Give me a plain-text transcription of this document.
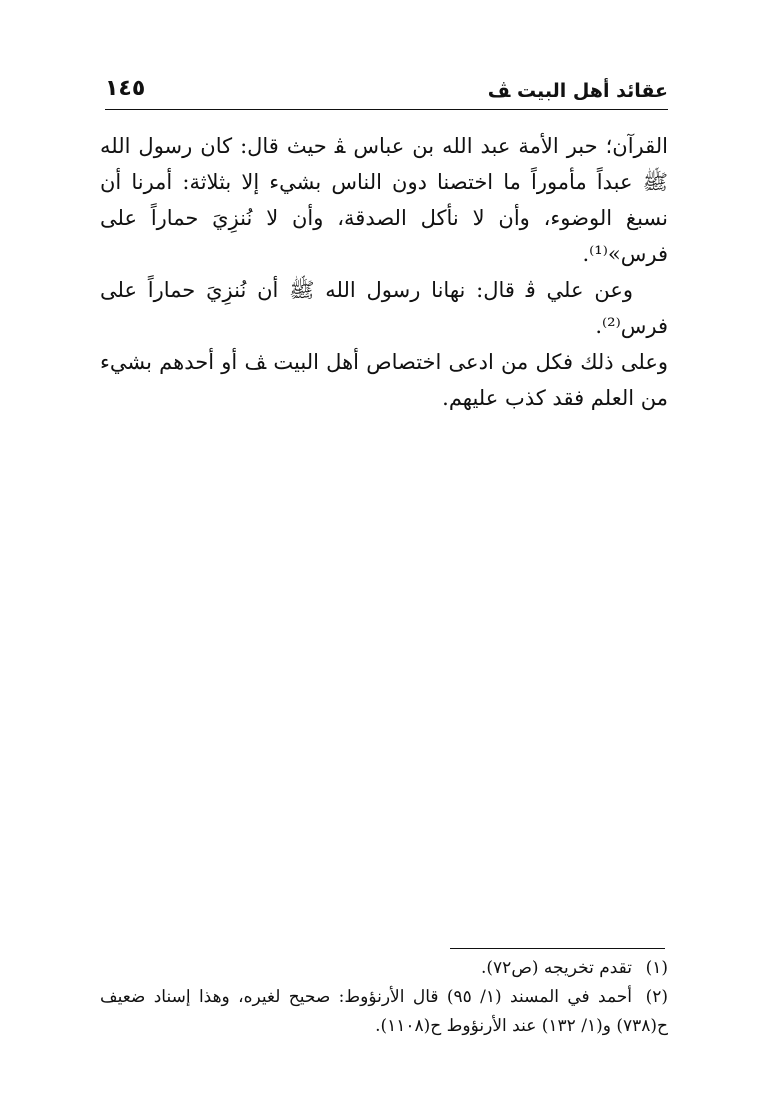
عقائد أهل البيت ﭫ
١٤٥

القرآن؛ حبر الأمة عبد الله بن عباس ﭭ حيث قال: كان رسول الله ﷺ عبداً مأموراً ما اختصنا دون الناس بشيء إلا بثلاثة: أمرنا أن نسبغ الوضوء، وأن لا نأكل الصدقة، وأن لا نُنزِيَ حماراً على فرس»⁽¹⁾.

وعن علي ﭬ قال: نهانا رسول الله ﷺ أن نُنزِيَ حماراً على فرس⁽²⁾.

وعلى ذلك فكل من ادعى اختصاص أهل البيت ﭫ أو أحدهم بشيء من العلم فقد كذب عليهم.

(١)تقدم تخريجه (ص٧٢).

(٢)أحمد في المسند (١/ ٩٥) قال الأرنؤوط: صحيح لغيره، وهذا إسناد ضعيف ح(٧٣٨) و(١/ ١٣٢) عند الأرنؤوط ح(١١٠٨).
